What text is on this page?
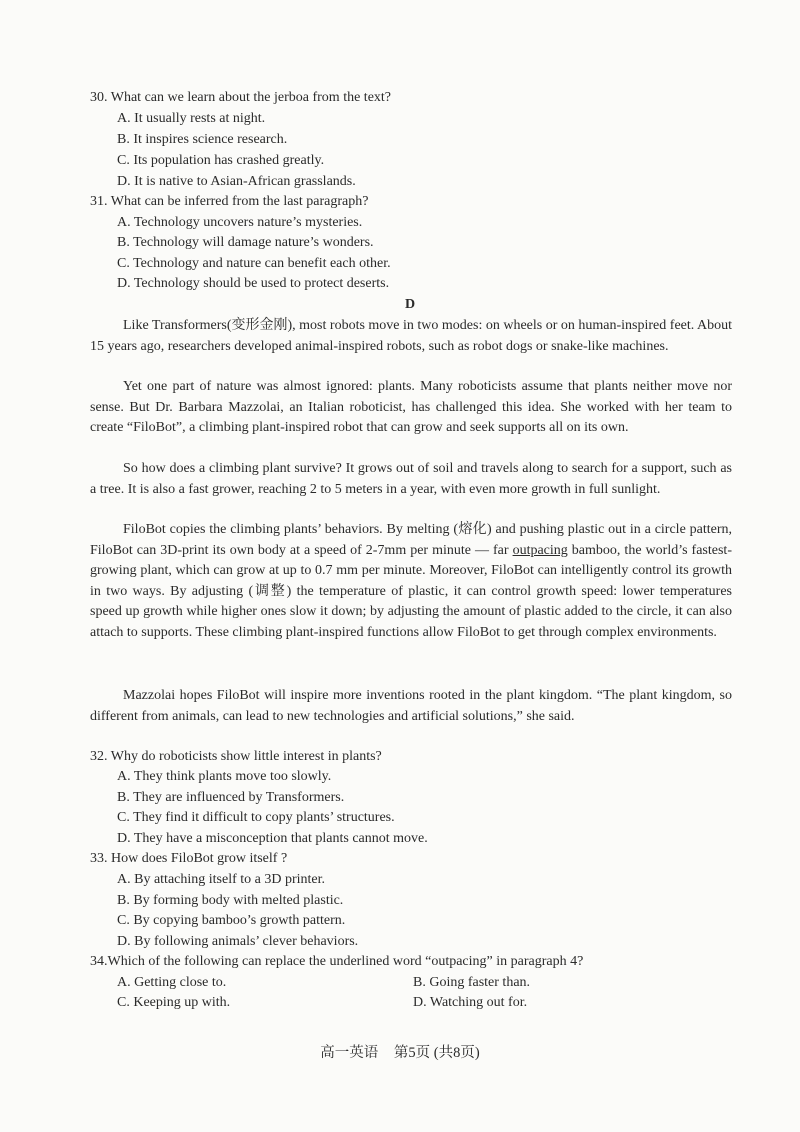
30. What can we learn about the jerboa from the text?
A. It usually rests at night.
B. It inspires science research.
C. Its population has crashed greatly.
D. It is native to Asian-African grasslands.
31. What can be inferred from the last paragraph?
A. Technology uncovers nature’s mysteries.
B. Technology will damage nature’s wonders.
C. Technology and nature can benefit each other.
D. Technology should be used to protect deserts.
D

Like Transformers(变形金刚), most robots move in two modes: on wheels or on human-inspired feet. About 15 years ago, researchers developed animal-inspired robots, such as robot dogs or snake-like machines.

Yet one part of nature was almost ignored: plants. Many roboticists assume that plants neither move nor sense. But Dr. Barbara Mazzolai, an Italian roboticist, has challenged this idea. She worked with her team to create “FiloBot”, a climbing plant-inspired robot that can grow and seek supports all on its own.

So how does a climbing plant survive? It grows out of soil and travels along to search for a support, such as a tree. It is also a fast grower, reaching 2 to 5 meters in a year, with even more growth in full sunlight.

FiloBot copies the climbing plants’ behaviors. By melting (熔化) and pushing plastic out in a circle pattern, FiloBot can 3D-print its own body at a speed of 2-7mm per minute — far outpacing bamboo, the world’s fastest-growing plant, which can grow at up to 0.7 mm per minute. Moreover, FiloBot can intelligently control its growth in two ways. By adjusting (调整) the temperature of plastic, it can control growth speed: lower temperatures speed up growth while higher ones slow it down; by adjusting the amount of plastic added to the circle, it can also attach to supports. These climbing plant-inspired functions allow FiloBot to get through complex environments.

Mazzolai hopes FiloBot will inspire more inventions rooted in the plant kingdom. “The plant kingdom, so different from animals, can lead to new technologies and artificial solutions,” she said.

32. Why do roboticists show little interest in plants?
A. They think plants move too slowly.
B. They are influenced by Transformers.
C. They find it difficult to copy plants’ structures.
D. They have a misconception that plants cannot move.
33. How does FiloBot grow itself ?
A. By attaching itself to a 3D printer.
B. By forming body with melted plastic.
C. By copying bamboo’s growth pattern.
D. By following animals’ clever behaviors.
34.Which of the following can replace the underlined word “outpacing” in paragraph 4?
A. Getting close to.	B. Going faster than.
C. Keeping up with.	D. Watching out for.
高一英语 第5页 (共8页)
